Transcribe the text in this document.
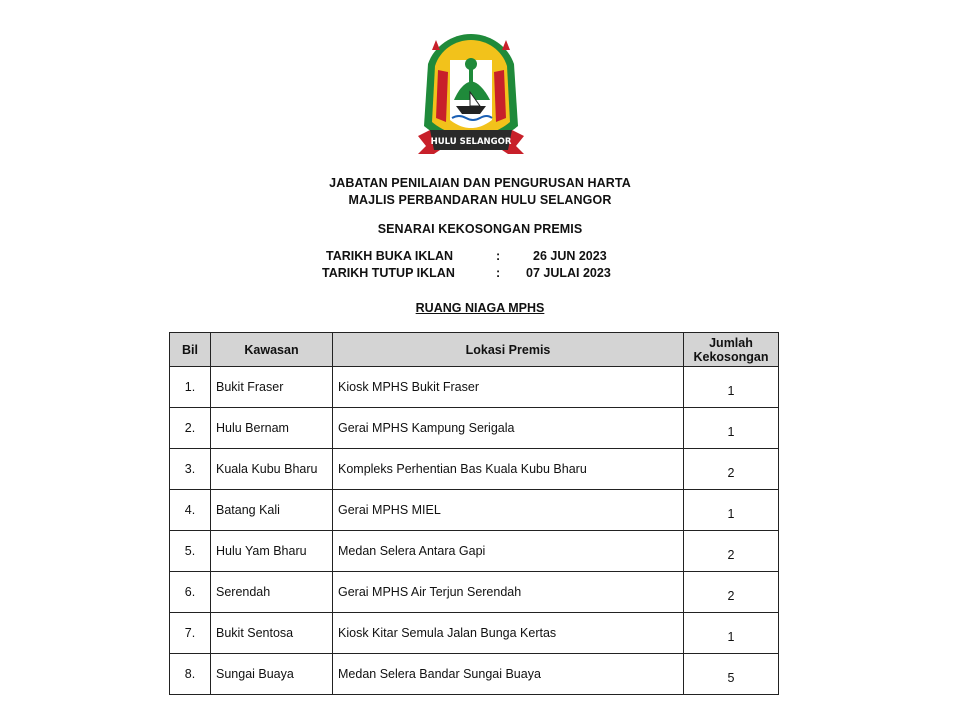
HULU SELANGOR
JABATAN PENILAIAN DAN PENGURUSAN HARTA
MAJLIS PERBANDARAN HULU SELANGOR
SENARAI KEKOSONGAN PREMIS
TARIKH BUKA IKLAN	:	26 JUN 2023
TARIKH TUTUP IKLAN	: 07 JULAI 2023
RUANG NIAGA MPHS
Bil	Kawasan	Lokasi Premis	Jumlah
Kekosongan
1.	Bukit Fraser	Kiosk MPHS Bukit Fraser	1
2.	Hulu Bernam	Gerai MPHS Kampung Serigala	1
3.	Kuala Kubu Bharu	Kompleks Perhentian Bas Kuala Kubu Bharu	2
4.	Batang Kali	Gerai MPHS MIEL	1
5.	Hulu Yam Bharu	Medan Selera Antara Gapi	2
6.	Serendah	Gerai MPHS Air Terjun Serendah	2
7.	Bukit Sentosa	Kiosk Kitar Semula Jalan Bunga Kertas	1
8.	Sungai Buaya	Medan Selera Bandar Sungai Buaya	5
